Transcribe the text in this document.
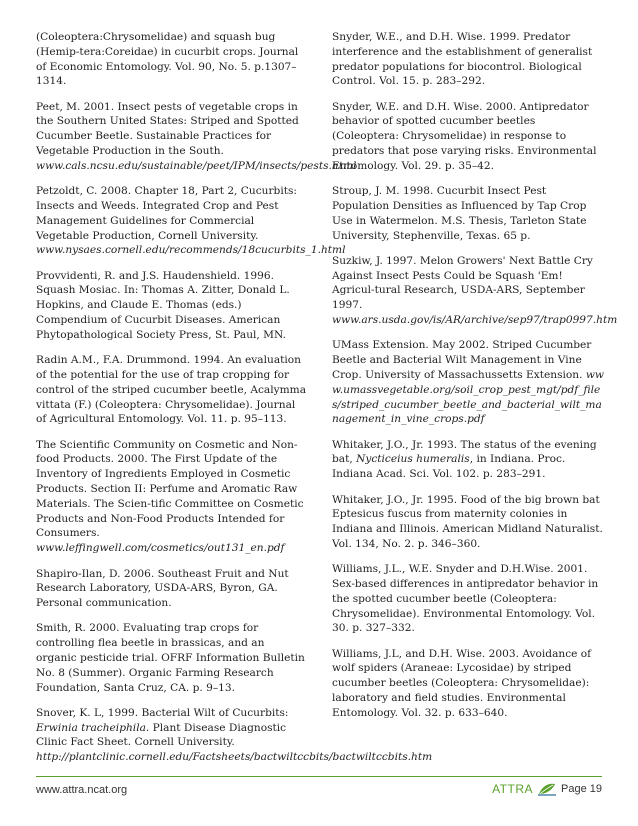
(Coleoptera:Chrysomelidae) and squash bug (Hemip-tera:Coreidae) in cucurbit crops. Journal of Economic Entomology. Vol. 90, No. 5. p.1307–1314.

Peet, M. 2001. Insect pests of vegetable crops in the Southern United States: Striped and Spotted Cucumber Beetle. Sustainable Practices for Vegetable Production in the South. www.cals.ncsu.edu/sustainable/peet/IPM/insects/pests.html

Petzoldt, C. 2008. Chapter 18, Part 2, Cucurbits: Insects and Weeds. Integrated Crop and Pest Management Guidelines for Commercial Vegetable Production, Cornell University. www.nysaes.cornell.edu/recommends/18cucurbits_1.html

Provvidenti, R. and J.S. Haudenshield. 1996. Squash Mosiac. In: Thomas A. Zitter, Donald L. Hopkins, and Claude E. Thomas (eds.) Compendium of Cucurbit Diseases. American Phytopathological Society Press, St. Paul, MN.

Radin A.M., F.A. Drummond. 1994. An evaluation of the potential for the use of trap cropping for control of the striped cucumber beetle, Acalymma vittata (F.) (Coleoptera: Chrysomelidae). Journal of Agricultural Entomology. Vol. 11. p. 95–113.

The Scientific Community on Cosmetic and Non-food Products. 2000. The First Update of the Inventory of Ingredients Employed in Cosmetic Products. Section II: Perfume and Aromatic Raw Materials. The Scien-tific Committee on Cosmetic Products and Non-Food Products Intended for Consumers. www.leffingwell.com/cosmetics/out131_en.pdf

Shapiro-Ilan, D. 2006. Southeast Fruit and Nut Research Laboratory, USDA-ARS, Byron, GA. Personal communication.

Smith, R. 2000. Evaluating trap crops for controlling flea beetle in brassicas, and an organic pesticide trial. OFRF Information Bulletin No. 8 (Summer). Organic Farming Research Foundation, Santa Cruz, CA. p. 9–13.

Snover, K. L, 1999. Bacterial Wilt of Cucurbits: Erwinia tracheiphila. Plant Disease Diagnostic Clinic Fact Sheet. Cornell University. http://plantclinic.cornell.edu/Factsheets/bactwiltccbits/bactwiltccbits.htm

Snyder, W.E., and D.H. Wise. 1999. Predator interference and the establishment of generalist predator populations for biocontrol. Biological Control. Vol. 15. p. 283–292.

Snyder, W.E. and D.H. Wise. 2000. Antipredator behavior of spotted cucumber beetles (Coleoptera: Chrysomelidae) in response to predators that pose varying risks. Environmental Entomology. Vol. 29. p. 35–42.

Stroup, J. M. 1998. Cucurbit Insect Pest Population Densities as Influenced by Tap Crop Use in Watermelon. M.S. Thesis, Tarleton State University, Stephenville, Texas. 65 p.

Suzkiw, J. 1997. Melon Growers' Next Battle Cry Against Insect Pests Could be Squash 'Em! Agricul-tural Research, USDA-ARS, September 1997. www.ars.usda.gov/is/AR/archive/sep97/trap0997.htm

UMass Extension. May 2002. Striped Cucumber Beetle and Bacterial Wilt Management in Vine Crop. University of Massachussetts Extension. www.umassvegetable.org/soil_crop_pest_mgt/pdf_files/striped_cucumber_beetle_and_bacterial_wilt_management_in_vine_crops.pdf

Whitaker, J.O., Jr. 1993. The status of the evening bat, Nycticeius humeralis, in Indiana. Proc. Indiana Acad. Sci. Vol. 102. p. 283–291.

Whitaker, J.O., Jr. 1995. Food of the big brown bat Eptesicus fuscus from maternity colonies in Indiana and Illinois. American Midland Naturalist. Vol. 134, No. 2. p. 346–360.

Williams, J.L., W.E. Snyder and D.H.Wise. 2001. Sex-based differences in antipredator behavior in the spotted cucumber beetle (Coleoptera: Chrysomelidae). Environmental Entomology. Vol. 30. p. 327–332.

Williams, J.L, and D.H. Wise. 2003. Avoidance of wolf spiders (Araneae: Lycosidae) by striped cucumber beetles (Coleoptera: Chrysomelidae): laboratory and field studies. Environmental Entomology. Vol. 32. p. 633–640.

www.attra.ncat.org	ATTRA	Page 19
